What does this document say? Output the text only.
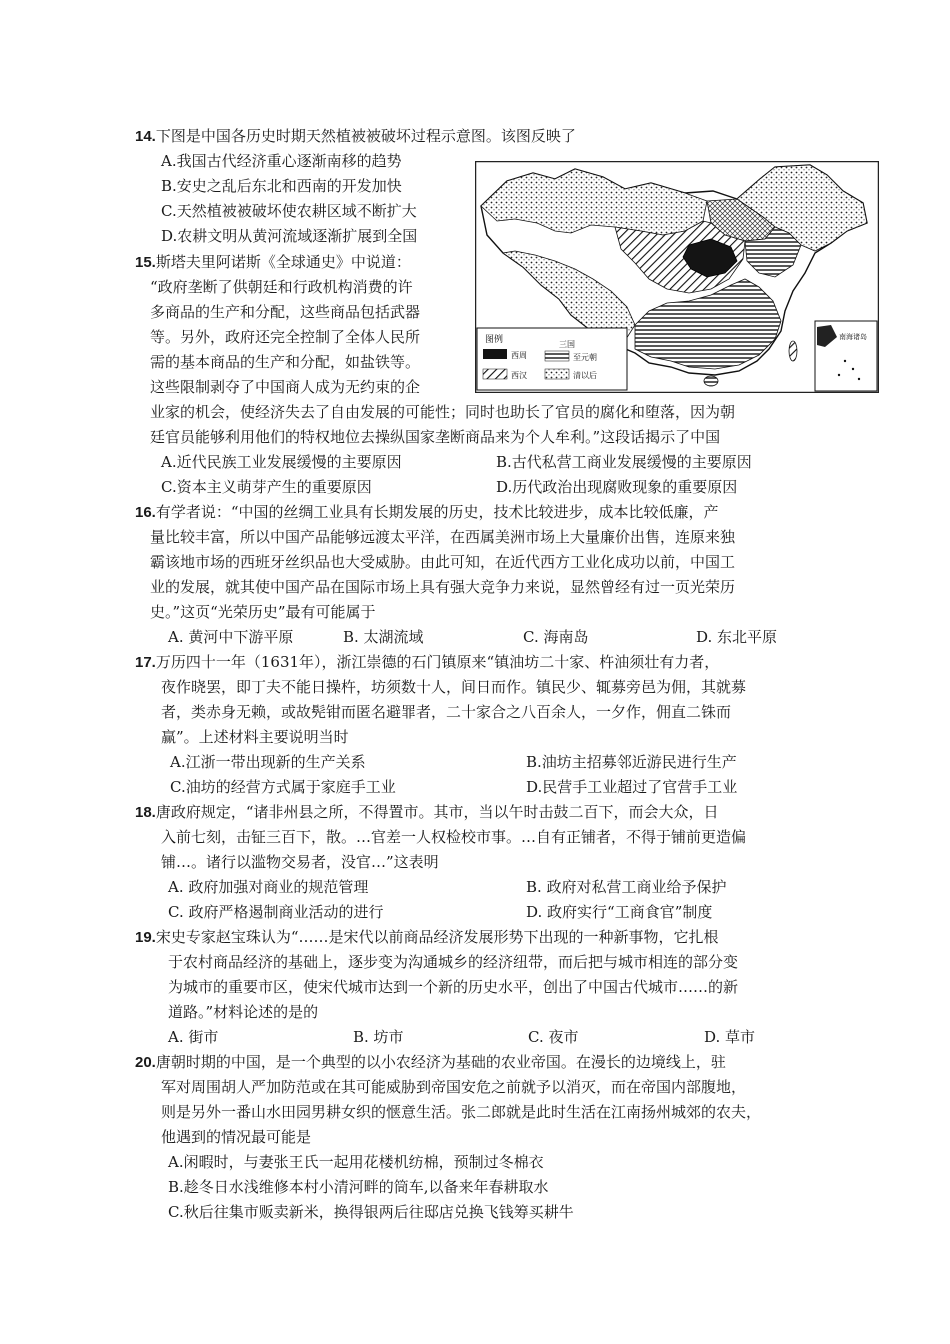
14.下图是中国各历史时期天然植被被破坏过程示意图。该图反映了
A.我国古代经济重心逐渐南移的趋势
B.安史之乱后东北和西南的开发加快
C.天然植被被破坏使农耕区域不断扩大
D.农耕文明从黄河流域逐渐扩展到全国
图例
西周
三国
至元朝
西汉	清以后
南海诸岛
15.斯塔夫里阿诺斯《全球通史》中说道：
“政府垄断了供朝廷和行政机构消费的许
多商品的生产和分配，这些商品包括武器
等。另外，政府还完全控制了全体人民所
需的基本商品的生产和分配，如盐铁等。
这些限制剥夺了中国商人成为无约束的企
业家的机会，使经济失去了自由发展的可能性；同时也助长了官员的腐化和堕落，因为朝
廷官员能够利用他们的特权地位去操纵国家垄断商品来为个人牟利。”这段话揭示了中国
A.近代民族工业发展缓慢的主要原因	B.古代私营工商业发展缓慢的主要原因
C.资本主义萌芽产生的重要原因	D.历代政治出现腐败现象的重要原因
16.有学者说：“中国的丝绸工业具有长期发展的历史，技术比较进步，成本比较低廉，产
量比较丰富，所以中国产品能够远渡太平洋，在西属美洲市场上大量廉价出售，连原来独
霸该地市场的西班牙丝织品也大受威胁。由此可知，在近代西方工业化成功以前，中国工
业的发展，就其使中国产品在国际市场上具有强大竞争力来说，显然曾经有过一页光荣历
史。”这页“光荣历史”最有可能属于
A. 黄河中下游平原	B. 太湖流域	C. 海南岛	D. 东北平原
17.万历四十一年（1631年），浙江崇德的石门镇原来“镇油坊二十家、杵油须壮有力者，
夜作晓罢，即丁夫不能日操杵，坊须数十人，间日而作。镇民少、辄募旁邑为佣，其就募
者，类赤身无赖，或故髡钳而匿名避罪者，二十家合之八百余人，一夕作，佣直二铢而
赢”。上述材料主要说明当时
A.江浙一带出现新的生产关系	B.油坊主招募邻近游民进行生产
C.油坊的经营方式属于家庭手工业	D.民营手工业超过了官营手工业
18.唐政府规定，“诸非州县之所，不得置市。其市，当以午时击鼓二百下，而会大众，日
入前七刻，击钲三百下，散。…官差一人权检校市事。…自有正铺者，不得于铺前更造偏
铺…。诸行以滥物交易者，没官…”这表明
A. 政府加强对商业的规范管理	B. 政府对私营工商业给予保护
C. 政府严格遏制商业活动的进行	D. 政府实行“工商食官”制度
19.宋史专家赵宝珠认为“……是宋代以前商品经济发展形势下出现的一种新事物，它扎根
于农村商品经济的基础上，逐步变为沟通城乡的经济纽带，而后把与城市相连的部分变
为城市的重要市区，使宋代城市达到一个新的历史水平，创出了中国古代城市……的新
道路。”材料论述的是的
A. 街市	B. 坊市	C. 夜市	D. 草市
20.唐朝时期的中国，是一个典型的以小农经济为基础的农业帝国。在漫长的边境线上，驻
军对周围胡人严加防范或在其可能威胁到帝国安危之前就予以消灭，而在帝国内部腹地，
则是另外一番山水田园男耕女织的惬意生活。张二郎就是此时生活在江南扬州城郊的农夫，
他遇到的情况最可能是
A.闲暇时，与妻张王氏一起用花楼机纺棉，预制过冬棉衣
B.趁冬日水浅维修本村小清河畔的筒车,以备来年春耕取水
C.秋后往集市贩卖新米，换得银两后往邸店兑换飞钱筹买耕牛
